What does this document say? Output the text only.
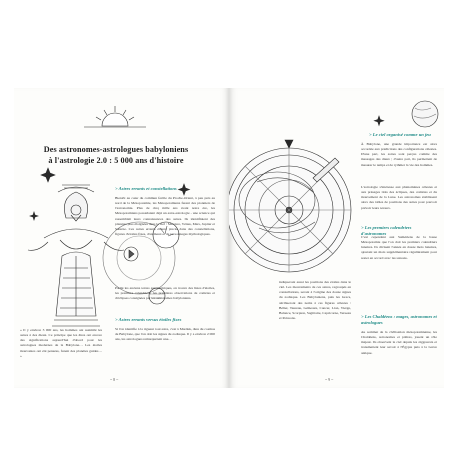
Des astronomes-astrologues babyloniens à l'astrologie 2.0 : 5 000 ans d'histoire

> Astres errants et constellations

Bientôt au cœur du commun fertile du Proche-Orient, à peu près au nord de la Mésopotamie, les Mésopotamiens furent des pionniers de l'astronomie. Plus de cinq mille ans avant notre ère, les Mésopotamiens possédaient déjà un astre-astrologie - une science qui rassemblait leurs connaissances des astres. Ils identifiaient des planètes plus éloignées dans le ciel : Mercure, Vénus, Mars, Jupiter et Saturne. Ces astres errants étaient placés dans des constellations, figures d'étoiles fixes, d'animaux et de personnages mythologiques.

Parmi les anciens textes astronomiques, on trouve des listes d'étoiles, les premiers calendriers, les premières observations de comètes et d'éclipses consignées par les astronomes babyloniens.

> Astres errants versus étoiles fixes

Si l'on identifie à la rigueur tout astre, c'est à Marduk, dieu du cosmos de Babylone, que l'on doit les signes du zodiaque. Il y a environ 2 000 ans, les astrologues remarquèrent une…

« Il y environ 3 000 ans, les hommes ont assimilé les astres à des dieux. Ce principe que les êtres ont encore des significations aujourd'hui d'abord pour les astrologues modernes de la Babylone… Les étoiles mouvantes ont été pensées, furent des planètes guides… »

~ 8 ~

> Le ciel organisé comme un jeu

À Babylone, une grande importance est alors accordée aux prédictions des configurations célestes. D'une part, les astres sont perçus comme des messages des dieux ; d'autre part, ils permettent de mesurer le temps et de rythmer la vie des hommes.

L'astrologie s'intéresse aux phénomènes célestes et aux présages tirés des éclipses, des comètes et du mouvement de la Lune. Les astronomes établissent alors des tables de positions des astres pour pouvoir prévoir leurs retours.

> Les premiers calendriers d'astronomes

C'est cependant aux Sumériens de la basse Mésopotamie que l'on doit les premiers calendriers lunaires. Ils divisent l'année en douze mois lunaires, ajoutant un mois supplémentaire régulièrement pour rester en accord avec les saisons.

> Les Chaldéens : mages, astronomes et astrologues

Au sommet de la civilisation mésopotamienne, les Chaldéens, astronomes et prêtres, jouent un rôle majeur. Ils observent le ciel depuis les ziggourats et transmettent leur savoir à l'Égypte puis à la Grèce antique.

indiqueront aussi les positions des étoiles dans le ciel. Les mouvements de ces astres, regroupés en constellations, seront à l'origine des douze signes du zodiaque. Les Babyloniens, puis les Grecs, attribueront des noms à ces figures célestes : Bélier, Taureau, Gémeaux, Cancer, Lion, Vierge, Balance, Scorpion, Sagittaire, Capricorne, Verseau et Poissons.

~ 9 ~
